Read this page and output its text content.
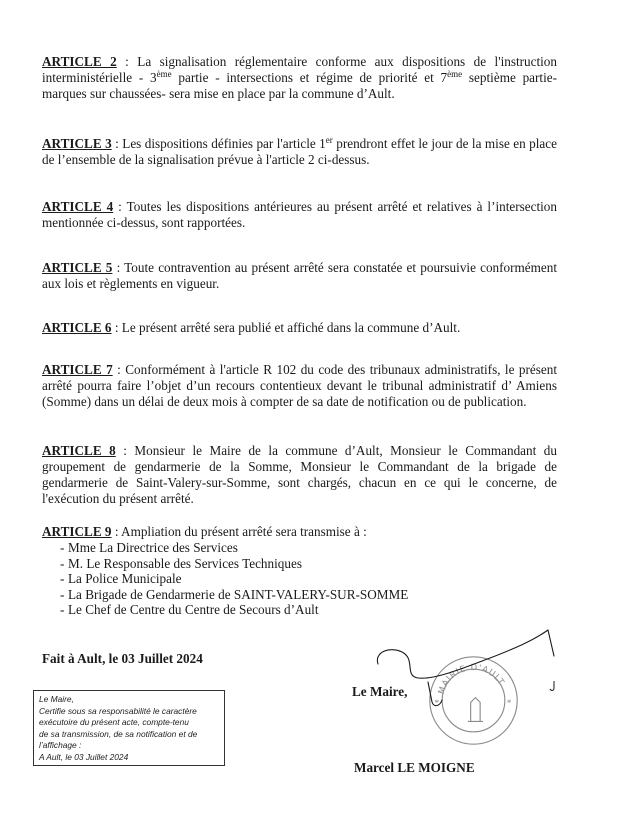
ARTICLE 2 : La signalisation réglementaire conforme aux dispositions de l'instruction interministérielle - 3ème partie - intersections et régime de priorité et 7ème septième partie- marques sur chaussées- sera mise en place par la commune d’Ault.
ARTICLE 3 : Les dispositions définies par l'article 1er prendront effet le jour de la mise en place de l’ensemble de la signalisation prévue à l'article 2 ci-dessus.
ARTICLE 4 : Toutes les dispositions antérieures au présent arrêté et relatives à l’intersection mentionnée ci-dessus, sont rapportées.
ARTICLE 5 : Toute contravention au présent arrêté sera constatée et poursuivie conformément aux lois et règlements en vigueur.
ARTICLE 6 : Le présent arrêté sera publié et affiché dans la commune d’Ault.
ARTICLE 7 : Conformément à l'article R 102 du code des tribunaux administratifs, le présent arrêté pourra faire l’objet d’un recours contentieux devant le tribunal administratif d’ Amiens (Somme) dans un délai de deux mois à compter de sa date de notification ou de publication.
ARTICLE 8 : Monsieur le Maire de la commune d’Ault, Monsieur le Commandant du groupement de gendarmerie de la Somme, Monsieur le Commandant de la brigade de gendarmerie de Saint-Valery-sur-Somme, sont chargés, chacun en ce qui le concerne, de l'exécution du présent arrêté.
ARTICLE 9 : Ampliation du présent arrêté sera transmise à :
- Mme La Directrice des Services
- M. Le Responsable des Services Techniques
- La Police Municipale
- La Brigade de Gendarmerie de SAINT-VALERY-SUR-SOMME
- Le Chef de Centre du Centre de Secours d’Ault
Fait à Ault, le 03 Juillet 2024
Le Maire,
Certifie sous sa responsabilité le caractère
exécutoire du présent acte, compte-tenu
de sa transmission, de sa notification et de
l’affichage :
A Ault, le 03 Juillet 2024
MAIRIE D'AULT
*	*
Le Maire,
Marcel LE MOIGNE
